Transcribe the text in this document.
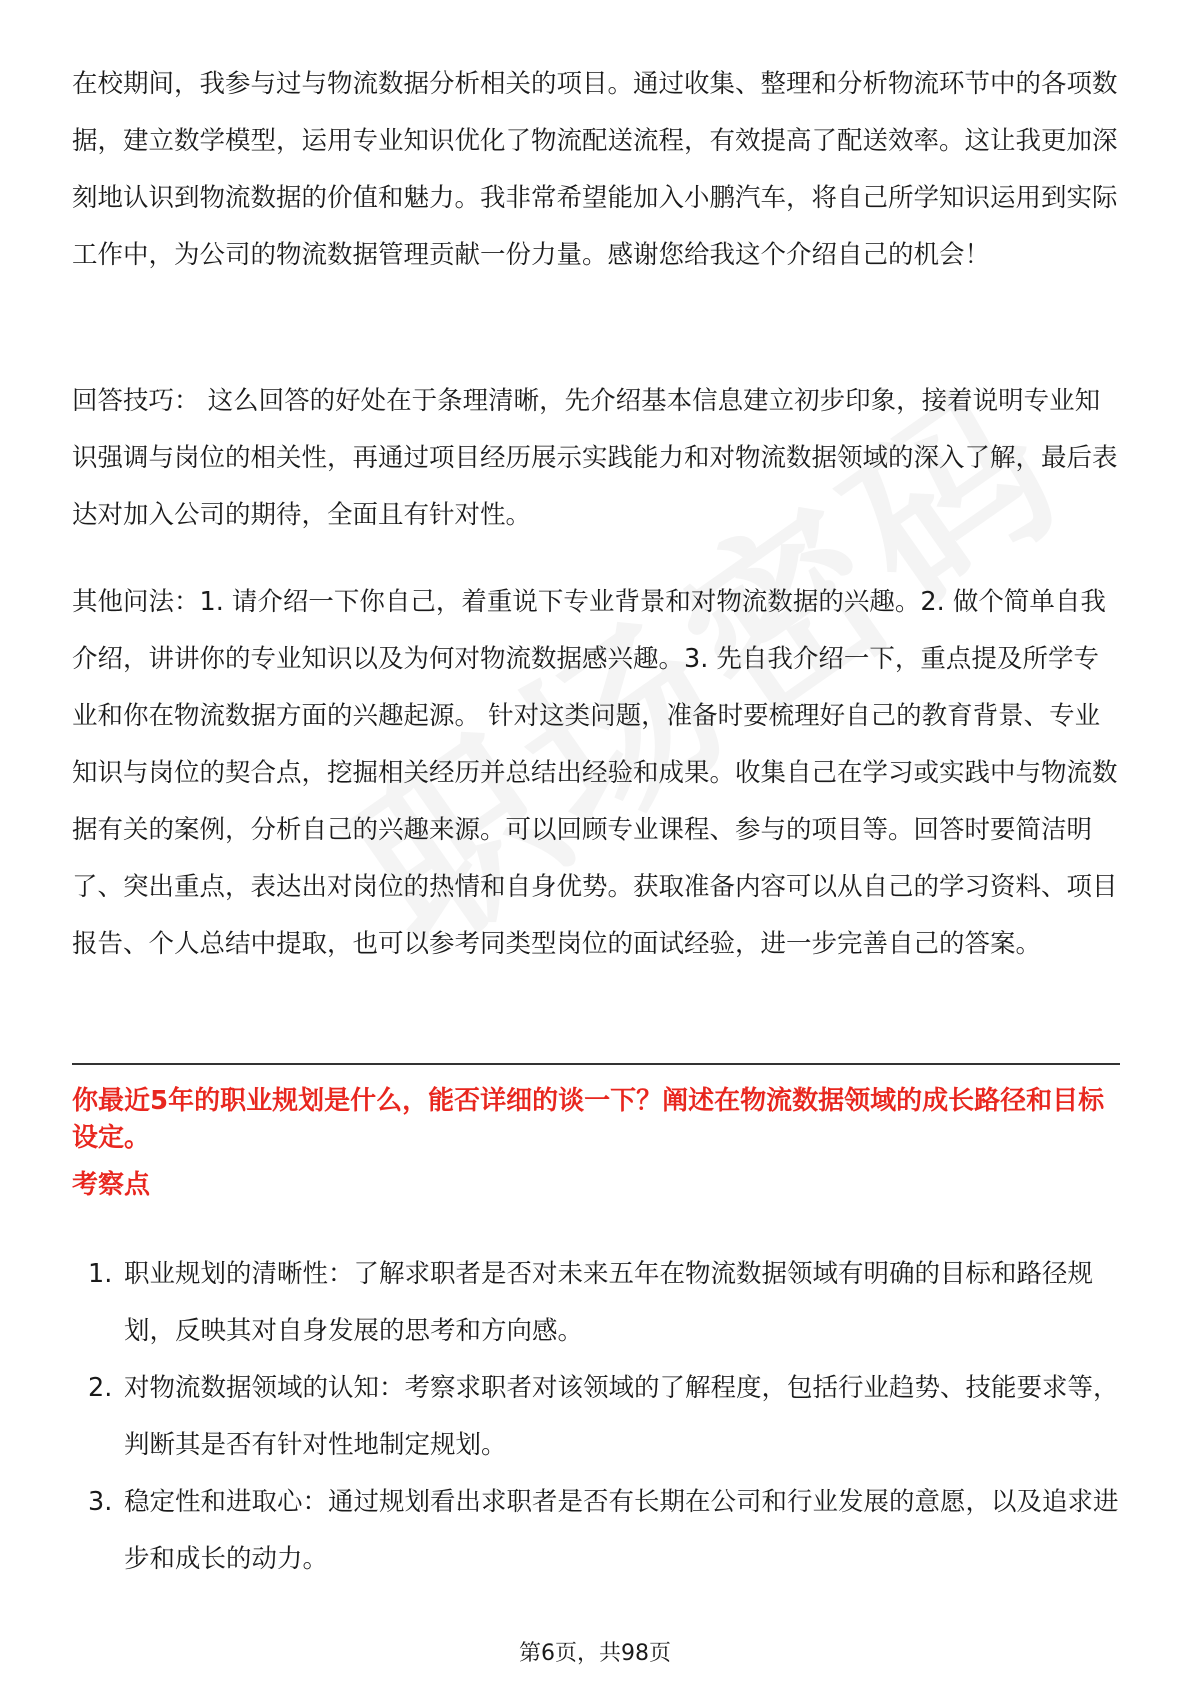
在校期间，我参与过与物流数据分析相关的项目。通过收集、整理和分析物流环节中的各项数据，建立数学模型，运用专业知识优化了物流配送流程，有效提高了配送效率。这让我更加深刻地认识到物流数据的价值和魅力。我非常希望能加入小鹏汽车，将自己所学知识运用到实际工作中，为公司的物流数据管理贡献一份力量。感谢您给我这个介绍自己的机会！

回答技巧： 这么回答的好处在于条理清晰，先介绍基本信息建立初步印象，接着说明专业知识强调与岗位的相关性，再通过项目经历展示实践能力和对物流数据领域的深入了解，最后表达对加入公司的期待，全面且有针对性。

其他问法：1. 请介绍一下你自己，着重说下专业背景和对物流数据的兴趣。2. 做个简单自我介绍，讲讲你的专业知识以及为何对物流数据感兴趣。3. 先自我介绍一下，重点提及所学专业和你在物流数据方面的兴趣起源。 针对这类问题，准备时要梳理好自己的教育背景、专业知识与岗位的契合点，挖掘相关经历并总结出经验和成果。收集自己在学习或实践中与物流数据有关的案例，分析自己的兴趣来源。可以回顾专业课程、参与的项目等。回答时要简洁明了、突出重点，表达出对岗位的热情和自身优势。获取准备内容可以从自己的学习资料、项目报告、个人总结中提取，也可以参考同类型岗位的面试经验，进一步完善自己的答案。

你最近5年的职业规划是什么，能否详细的谈一下？阐述在物流数据领域的成长路径和目标设定。

考察点

1. 职业规划的清晰性：了解求职者是否对未来五年在物流数据领域有明确的目标和路径规划，反映其对自身发展的思考和方向感。
2. 对物流数据领域的认知：考察求职者对该领域的了解程度，包括行业趋势、技能要求等，判断其是否有针对性地制定规划。
3. 稳定性和进取心：通过规划看出求职者是否有长期在公司和行业发展的意愿，以及追求进步和成长的动力。
第6页，共98页
